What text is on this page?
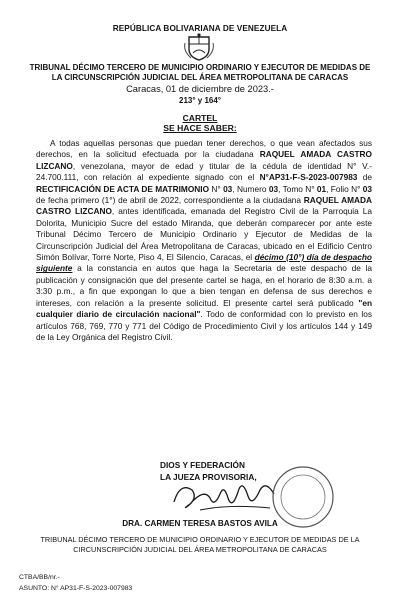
REPÚBLICA BOLIVARIANA DE VENEZUELA
TRIBUNAL DÉCIMO TERCERO DE MUNICIPIO ORDINARIO Y EJECUTOR DE MEDIDAS DE
LA CIRCUNSCRIPCIÓN JUDICIAL DEL ÁREA METROPOLITANA DE CARACAS
Caracas, 01 de diciembre de 2023.-
213° y 164°
CARTEL
SE HACE SABER:

A todas aquellas personas que puedan tener derechos, o que vean afectados sus derechos, en la solicitud efectuada por la ciudadana RAQUEL AMADA CASTRO LIZCANO, venezolana, mayor de edad y titular de la cédula de identidad N° V.- 24.700.111, con relación al expediente signado con el N°AP31-F-S-2023-007983 de RECTIFICACIÓN DE ACTA DE MATRIMONIO N° 03, Numero 03, Tomo N° 01, Folio N° 03 de fecha primero (1°) de abril de 2022, correspondiente a la ciudadana RAQUEL AMADA CASTRO LIZCANO, antes identificada, emanada del Registro Civil de la Parroquia La Dolorita, Municipio Sucre del estado Miranda, que deberán comparecer por ante este Tribunal Décimo Tercero de Municipio Ordinario y Ejecutor de Medidas de la Circunscripción Judicial del Área Metropolitana de Caracas, ubicado en el Edificio Centro Simón Bolívar, Torre Norte, Piso 4, El Silencio, Caracas, el décimo (10°) día de despacho siguiente a la constancia en autos que haga la Secretaria de este despacho de la publicación y consignación que del presente cartel se haga, en el horario de 8:30 a.m. a 3:30 p.m., a fin que expongan lo que a bien tengan en defensa de sus derechos e intereses, con relación a la presente solicitud. El presente cartel será publicado "en cualquier diario de circulación nacional". Todo de conformidad con lo previsto en los artículos 768, 769, 770 y 771 del Código de Procedimiento Civil y los artículos 144 y 149 de la Ley Orgánica del Registro Civil.

DIOS Y FEDERACIÓN
LA JUEZA PROVISORIA,
DRA. CARMEN TERESA BASTOS AVILA
TRIBUNAL DÉCIMO TERCERO DE MUNICIPIO ORDINARIO Y EJECUTOR DE MEDIDAS DE LA
CIRCUNSCRIPCIÓN JUDICIAL DEL ÁREA METROPOLITANA DE CARACAS
CTBA/BB/nr.-
ASUNTO: N° AP31-F-S-2023-007983
